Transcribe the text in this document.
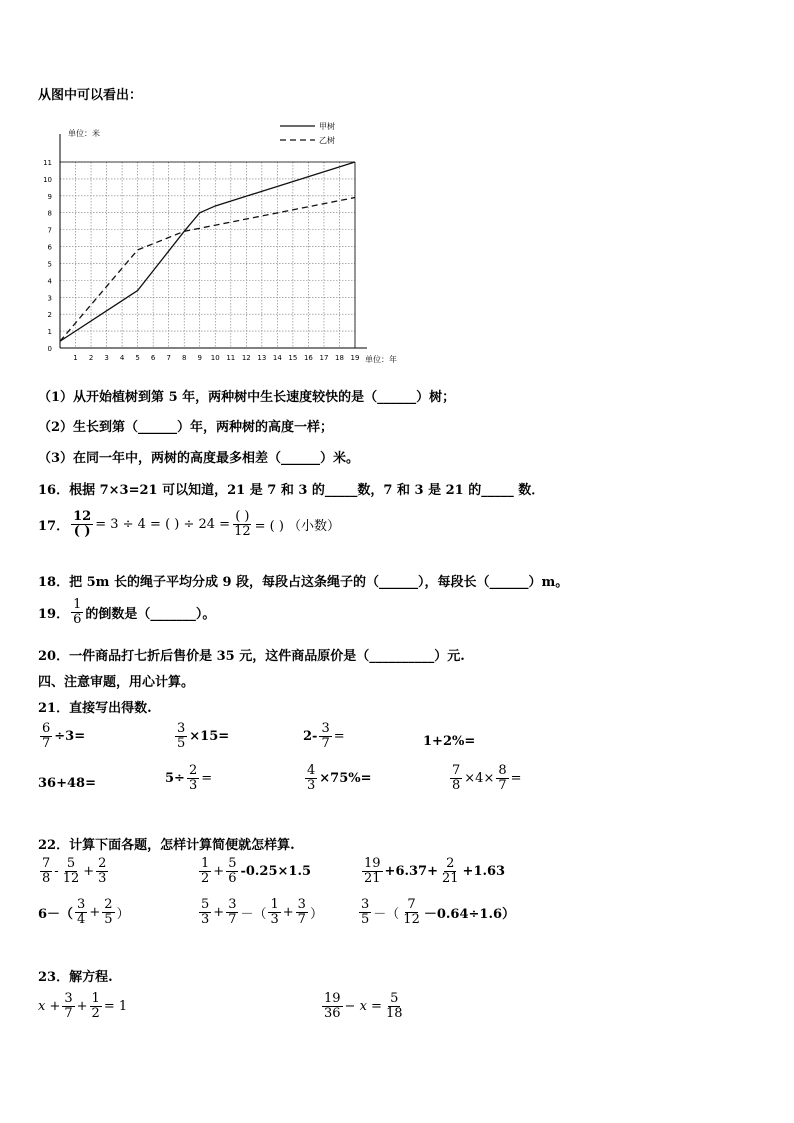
从图中可以看出：
1 2 3 4 5 6 7 8 9 10 11 12 13 14 15 16 17 18 19
0
1
2
3
4
5
6
7
8
9
10
11
单位：米
单位：年
甲树
乙树
（1）从开始植树到第 5 年，两种树中生长速度较快的是（______）树；
（2）生长到第（______）年，两种树的高度一样；
（3）在同一年中，两树的高度最多相差（______）米。
16．根据 7×3=21 可以知道，21 是 7 和 3 的_____数，7 和 3 是 21 的_____ 数．
17． $\frac{12}{( )} = 3 \div 4$ = ( ) ÷ $24 = \frac{( )}{12}$ = ( ) （小数）
18．把 5m 长的绳子平均分成 9 段，每段占这条绳子的（______），每段长（______）m。
19． $\frac{1}{6}$ 的倒数是（_______）。
20．一件商品打七折后售价是 35 元，这件商品原价是（__________）元.
四、注意审题，用心计算。
21．直接写出得数.
$\frac{6}{7} \div 3=$	$\frac{3}{5} \times 15=$	$2- \frac{3}{7}$ =	1+2%=
36+48=	$5\div \frac{2}{3}$ =	$\frac{4}{3} \times 75\%=$	$\frac{7}{8} \times 4\times \frac{8}{7}$ =
22．计算下面各题，怎样计算简便就怎样算.
$\frac{7}{8} - \frac{5}{12} + \frac{2}{3}$	$\frac{1}{2} + \frac{5}{6} -0.25\times 1.5$	$\frac{19}{21} +6.37+ \frac{2}{21} +1.63$
$6-( \frac{3}{4} + \frac{2}{5}$ ）	$\frac{5}{3} + \frac{3}{7}$ －（ $\frac{1}{3} + \frac{3}{7}$ ）	$\frac{3}{5}$ －（ $\frac{7}{12} -0.64\div 1.6$）
23．解方程.
$x + \frac{3}{7} + \frac{1}{2} = 1$	$\frac{19}{36} - x = \frac{5}{18}$
